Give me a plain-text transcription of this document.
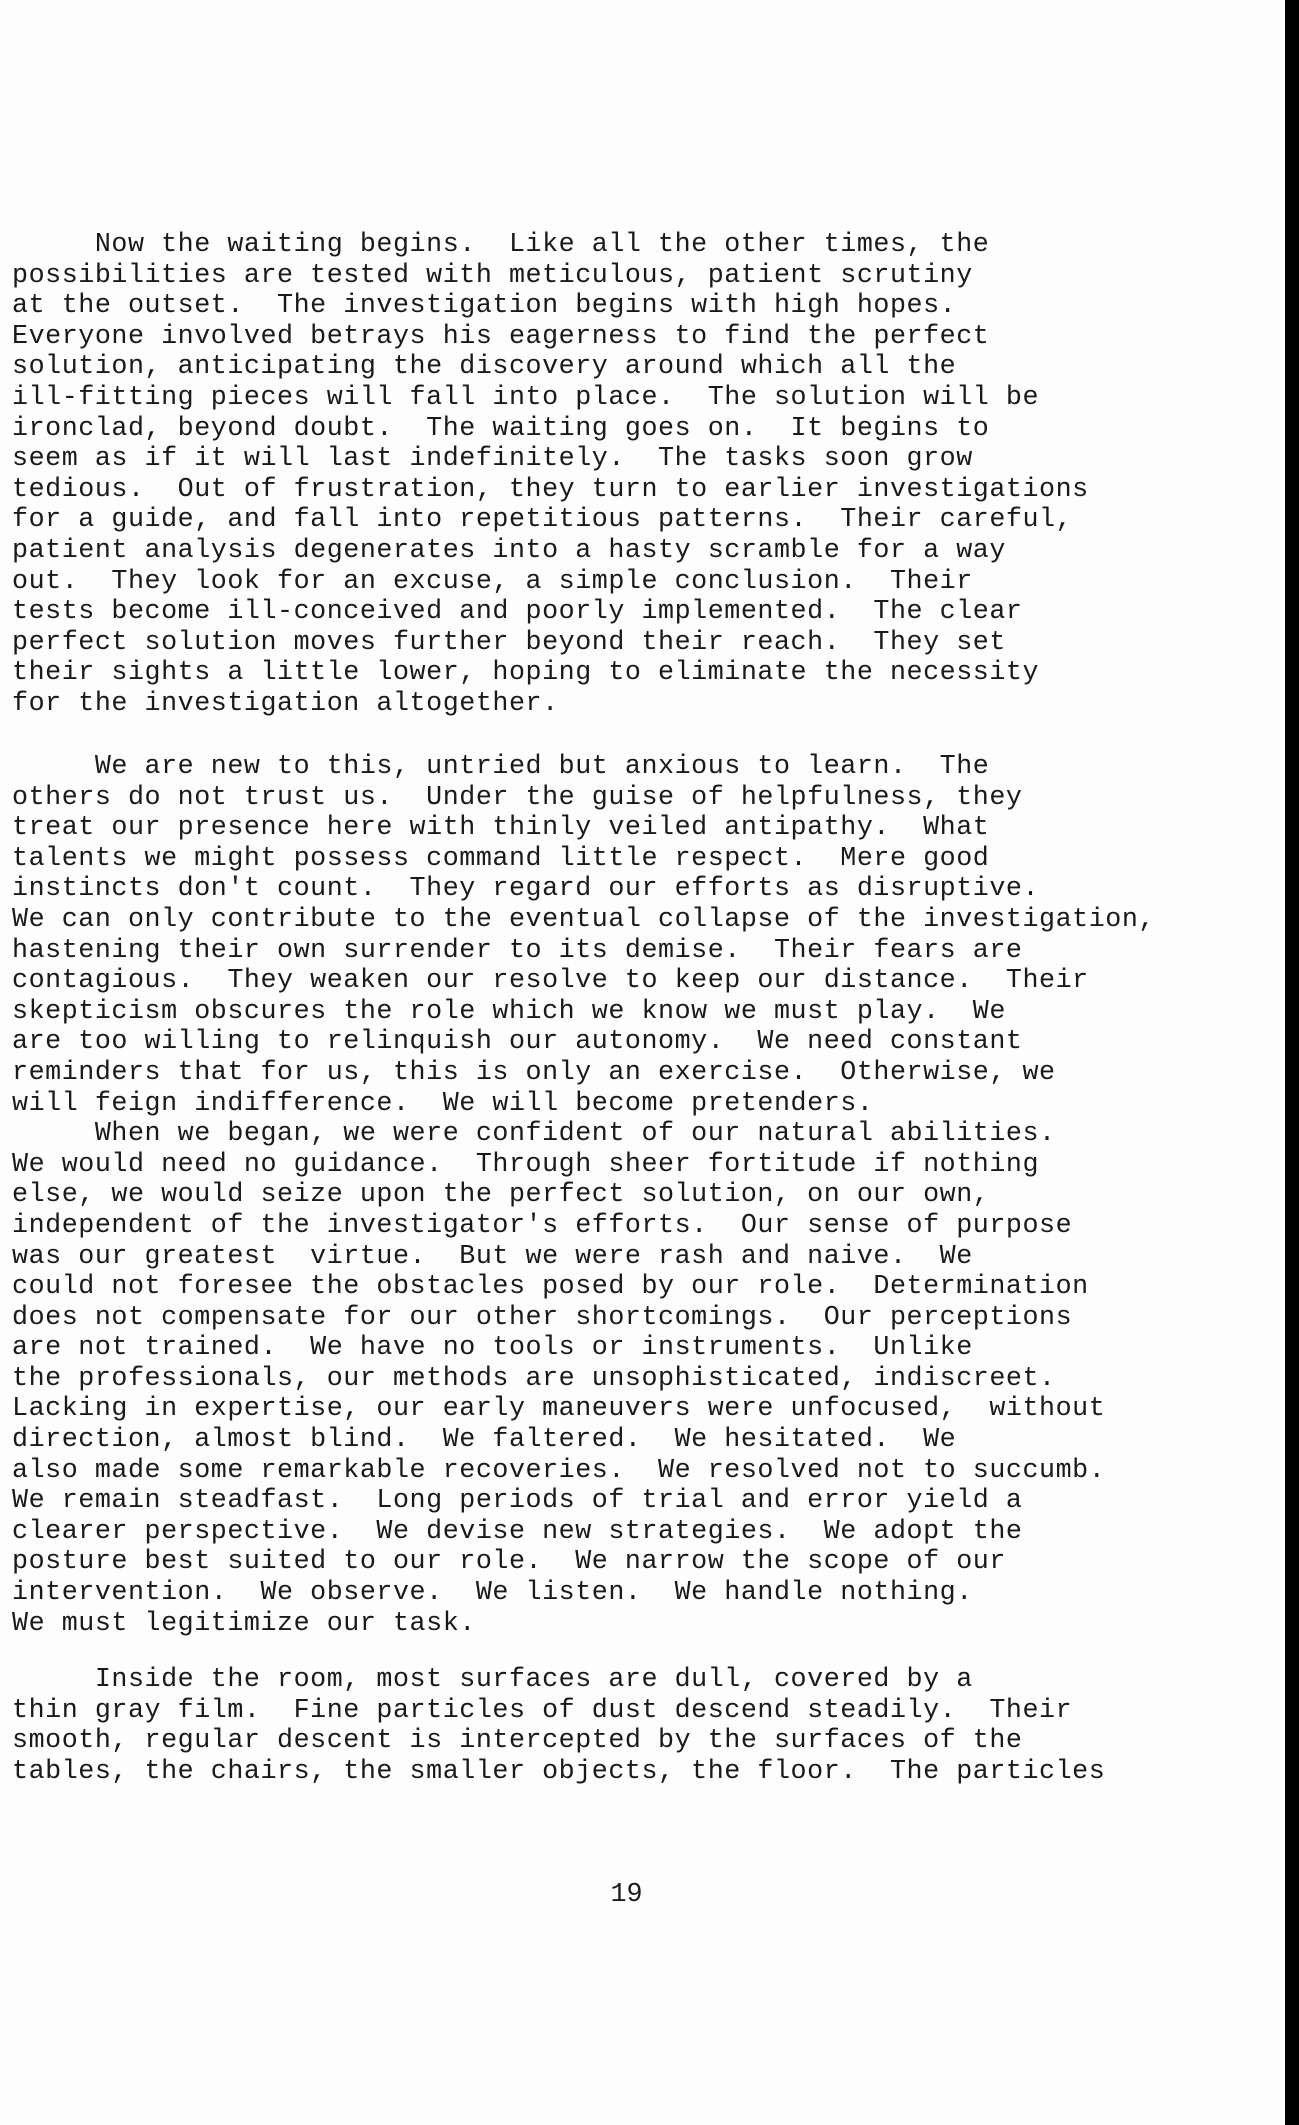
Now the waiting begins.  Like all the other times, the
possibilities are tested with meticulous, patient scrutiny
at the outset.  The investigation begins with high hopes.
Everyone involved betrays his eagerness to find the perfect
solution, anticipating the discovery around which all the
ill-fitting pieces will fall into place.  The solution will be
ironclad, beyond doubt.  The waiting goes on.  It begins to
seem as if it will last indefinitely.  The tasks soon grow
tedious.  Out of frustration, they turn to earlier investigations
for a guide, and fall into repetitious patterns.  Their careful,
patient analysis degenerates into a hasty scramble for a way
out.  They look for an excuse, a simple conclusion.  Their
tests become ill-conceived and poorly implemented.  The clear
perfect solution moves further beyond their reach.  They set
their sights a little lower, hoping to eliminate the necessity
for the investigation altogether.
We are new to this, untried but anxious to learn.  The
others do not trust us.  Under the guise of helpfulness, they
treat our presence here with thinly veiled antipathy.  What
talents we might possess command little respect.  Mere good
instincts don't count.  They regard our efforts as disruptive.
We can only contribute to the eventual collapse of the investigation,
hastening their own surrender to its demise.  Their fears are
contagious.  They weaken our resolve to keep our distance.  Their
skepticism obscures the role which we know we must play.  We
are too willing to relinquish our autonomy.  We need constant
reminders that for us, this is only an exercise.  Otherwise, we
will feign indifference.  We will become pretenders.
When we began, we were confident of our natural abilities.
We would need no guidance.  Through sheer fortitude if nothing
else, we would seize upon the perfect solution, on our own,
independent of the investigator's efforts.  Our sense of purpose
was our greatest  virtue.  But we were rash and naive.  We
could not foresee the obstacles posed by our role.  Determination
does not compensate for our other shortcomings.  Our perceptions
are not trained.  We have no tools or instruments.  Unlike
the professionals, our methods are unsophisticated, indiscreet.
Lacking in expertise, our early maneuvers were unfocused,  without
direction, almost blind.  We faltered.  We hesitated.  We
also made some remarkable recoveries.  We resolved not to succumb.
We remain steadfast.  Long periods of trial and error yield a
clearer perspective.  We devise new strategies.  We adopt the
posture best suited to our role.  We narrow the scope of our
intervention.  We observe.  We listen.  We handle nothing.
We must legitimize our task.
Inside the room, most surfaces are dull, covered by a
thin gray film.  Fine particles of dust descend steadily.  Their
smooth, regular descent is intercepted by the surfaces of the
tables, the chairs, the smaller objects, the floor.  The particles
19
